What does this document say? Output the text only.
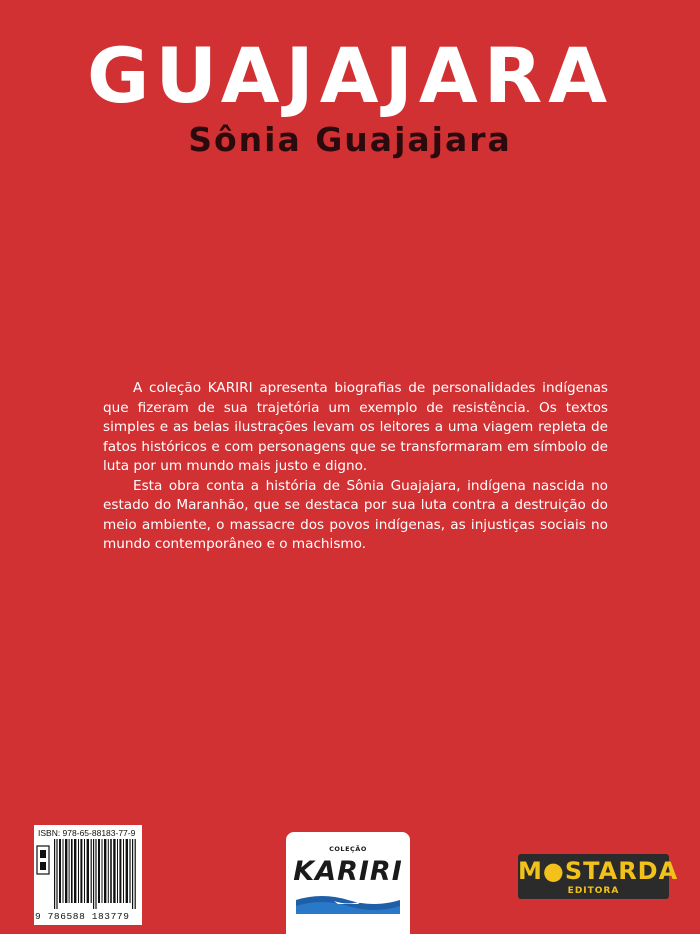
GUAJAJARA
Sônia Guajajara

A coleção KARIRI apresenta biografias de personalidades indígenas que fizeram de sua trajetória um exemplo de resistência. Os textos simples e as belas ilustrações levam os leitores a uma viagem repleta de fatos históricos e com personagens que se transformaram em símbolo de luta por um mundo mais justo e digno.

Esta obra conta a história de Sônia Guajajara, indígena nascida no estado do Maranhão, que se destaca por sua luta contra a destruição do meio ambiente, o massacre dos povos indígenas, as injustiças sociais no mundo contemporâneo e o machismo.

ISBN: 978-65-88183-77-9
9 786588 183779
COLEÇÃO
KARIRI	M●STARDA
EDITORA
